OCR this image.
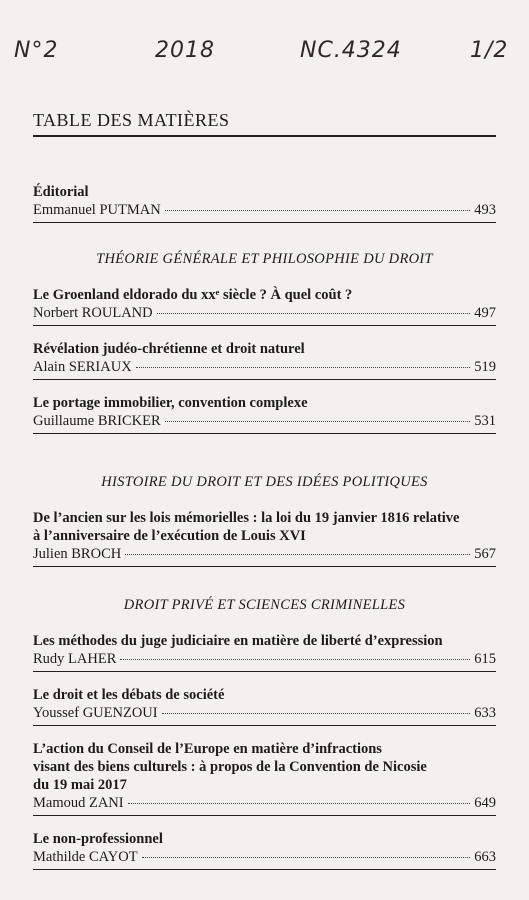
N°2	2018	NC.4324	1/2
TABLE DES MATIÈRES
Éditorial
Emmanuel PUTMAN	493

THÉORIE GÉNÉRALE ET PHILOSOPHIE DU DROIT

Le Groenland eldorado du xxᵉ siècle ? À quel coût ?
Norbert ROULAND	497
Révélation judéo-chrétienne et droit naturel
Alain SERIAUX	519
Le portage immobilier, convention complexe
Guillaume BRICKER	531

HISTOIRE DU DROIT ET DES IDÉES POLITIQUES

De l’ancien sur les lois mémorielles : la loi du 19 janvier 1816 relative
à l’anniversaire de l’exécution de Louis XVI
Julien BROCH	567

DROIT PRIVÉ ET SCIENCES CRIMINELLES

Les méthodes du juge judiciaire en matière de liberté d’expression
Rudy LAHER	615
Le droit et les débats de société
Youssef GUENZOUI	633
L’action du Conseil de l’Europe en matière d’infractions
visant des biens culturels : à propos de la Convention de Nicosie
du 19 mai 2017
Mamoud ZANI	649
Le non-professionnel
Mathilde CAYOT	663
